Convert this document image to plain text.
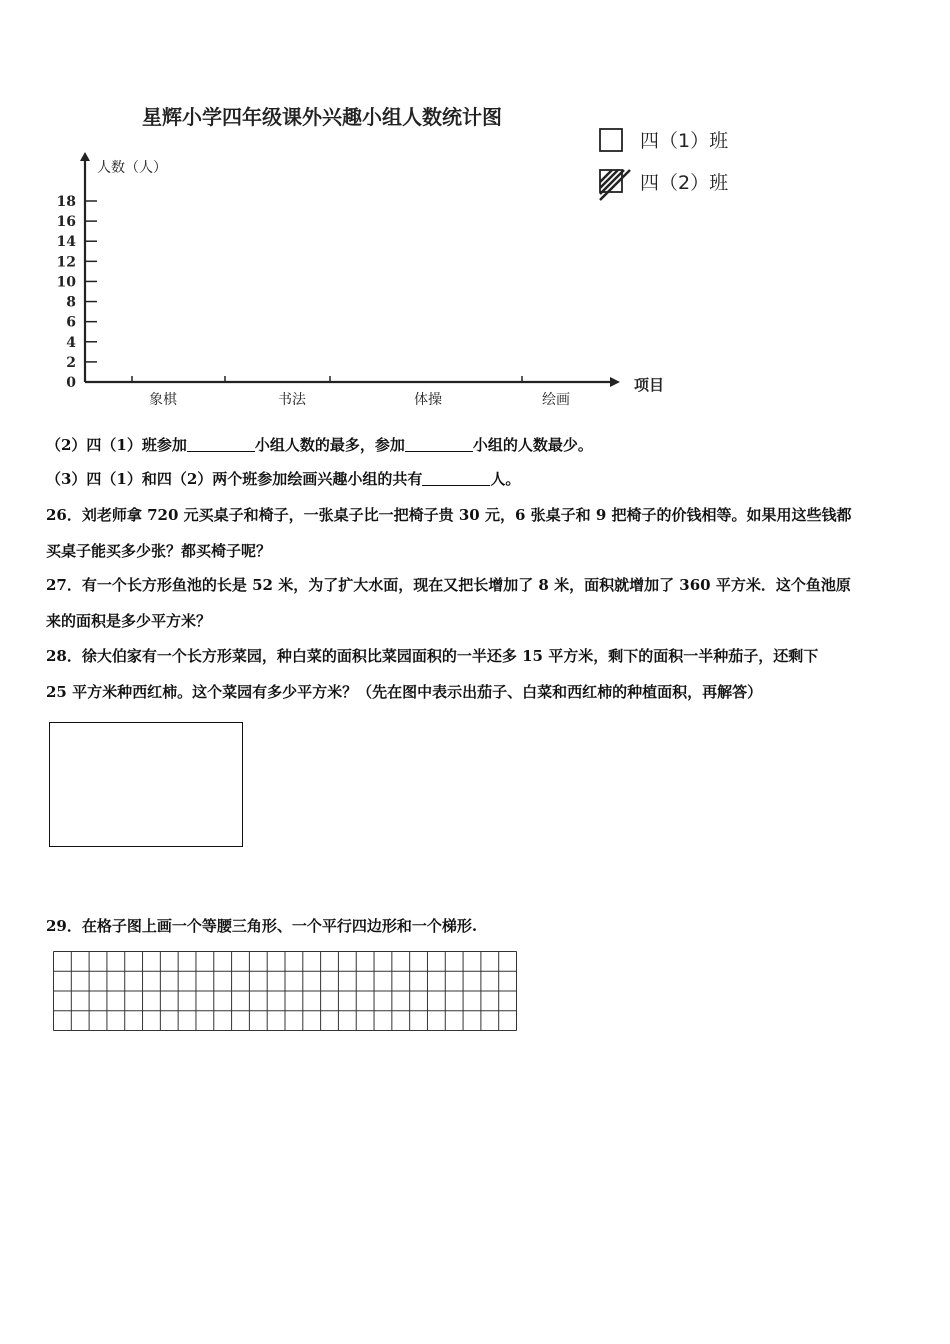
星辉小学四年级课外兴趣小组人数统计图
人数（人）
项目
0
2
4
6
8
10
12
14
16
18
象棋	书法	体操	绘画
四（1）班
四（2）班
（2）四（1）班参加	小组人数的最多，参加	小组的人数最少。
（3）四（1）和四（2）两个班参加绘画兴趣小组的共有	人。
26．刘老师拿 720 元买桌子和椅子，一张桌子比一把椅子贵 30 元，6 张桌子和 9 把椅子的价钱相等。如果用这些钱都
买桌子能买多少张？都买椅子呢？
27．有一个长方形鱼池的长是 52 米，为了扩大水面，现在又把长增加了 8 米，面积就增加了 360 平方米．这个鱼池原
来的面积是多少平方米？
28．徐大伯家有一个长方形菜园，种白菜的面积比菜园面积的一半还多 15 平方米，剩下的面积一半种茄子，还剩下
25 平方米种西红柿。这个菜园有多少平方米？（先在图中表示出茄子、白菜和西红柿的种植面积，再解答）
29．在格子图上画一个等腰三角形、一个平行四边形和一个梯形.
